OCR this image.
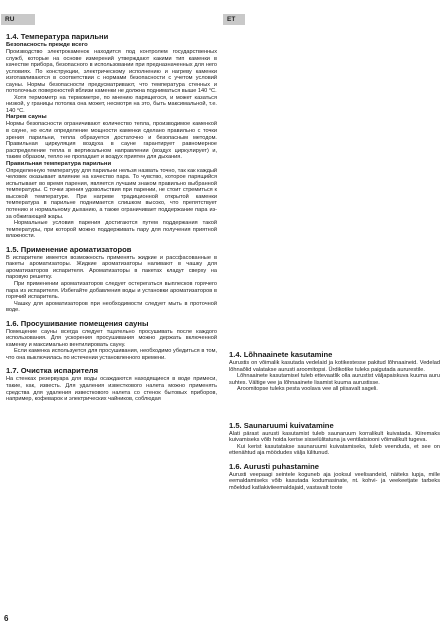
RU	ET
1.4. Температура парильни
Безопасность прежде всего

Производство электрокаменок находится под контролем государственных служб, которые на основе измерений утверждают какими тип каменки в качестве прибора, безопасного в использовании при предназначенных для него условиях. По конструкции, электрическому исполнению и нагреву каменки изготавливаются в соответствии с нормами безопасности с учетом условий сауны. Нормы безопасности предусматривают, что температура стенных и потолочных поверхностей вблизи каменки не должна подниматься выше 140 °С.

Хотя термометр на термометре, по мнению парящегося, и может казаться низкой, у границы потолка она может, несмотря на это, быть максимальной, т.е. 140 °С.

Нагрев сауны

Нормы безопасности ограничивают количество тепла, производимое каменкой в сауне, но если определение мощности каменки сделано правильно с точки зрения парильни, тепла образуется достаточно и безопасным методом. Правильная циркуляция воздуха в сауне гарантирует равномерное распределение тепла в вертикальном направлении (воздух циркулирует) и, таким образом, тепло не пропадает и воздух приятен для дыхания.

Правильная температура парильни

Определенную температуру для парильни нельзя назвать точно, так как каждый человек оказывает влияние на качество пара. То чувство, которое парящийся испытывает во время парения, является лучшим знаком правильно выбранной температуры. С точки зрения удовольствия при парении, не стоит стремиться к высокой температуре. При нагреве традиционной открытой каменки температура в парильне поднимается слишком высоко, что препятствует потению и нормальному дыханию, а также ограничивает поддержание пара из-за обжигающей жары.

Нормальные условия парения достигаются путем поддержания такой температуры, при которой можно поддерживать пару для получения приятной влажности.

1.5. Применение ароматизаторов

В испарителе имеется возможность применять жидкие и рассфасованные в пакеты ароматизаторы. Жидкие ароматизаторы наливают в чашку для ароматизаторов испарителя. Ароматизаторы в пакетах кладут сверху на паровую решетку.

При применении ароматизаторов следует остерегаться выплесков горячего пара из испарителя. Избегайте добавления воды и установки ароматизаторов в горячий испаритель.

Чашку для ароматизаторов при необходимости следует мыть в проточной воде.

1.6. Просушивание помещения сауны

Помещение сауны всегда следует тщательно просушивать после каждого использования. Для ускорения просушивания можно держать включенной каменку и максимально вентилировать сауну.

Если каменка используется для просушивания, необходимо убедиться в том, что она выключилась по истечении установленного времени.

1.7. Очистка испарителя

На стенках резервуара для воды осаждаются находящиеся в воде примеси, такие, как, известь. Для удаления известкового налета можно применять средства для удаления известкового налета со стенок бытовых приборов, например, кофеварок и электрических чайников, соблюдая

1.4. Lõhnaainete kasutamine

Aurustis on võimalik kasutada vedelaid ja kotikestesse pakitud lõhnaaineid. Vedelad lõhnaõlid valatakse aurusti aroomitopsi. Ürdikotike tuleks paigutada aururestile.

Lõhnaainete kasutamisel tuleb ettevaatlik olla aurustist väljapaiskuva kuuma auru suhtes. Vältige vee ja lõhnaainete lisamist kuuma aurustisse.

Aroomitopse tuleks pesta voolava vee all piisavalt sageli.

1.5. Saunaruumi kuivatamine

Alati pärast aurusti kasutamist tuleb saunaruum korralikult kuivatada. Kiiremaks kuivamiseks võib hoida kerise sisselülitatuna ja ventilatsiooni võimalikult tugeva.

Kui kerist kasutatakse saunaruumi kuivatamiseks, tuleb veenduda, et see on ettenähtud aja möödudes välja lülitunud.

1.6. Aurusti puhastamine

Aurusti veepaagi seintele koguneb aja jooksul veelisandeid, näiteks lupja, mille eemaldamiseks võib kasutada kodumasinate, nt. kohvi- ja veekeetjate tarbeks mõeldud katlakiviieemaldajaid, vastavalt toote

6
